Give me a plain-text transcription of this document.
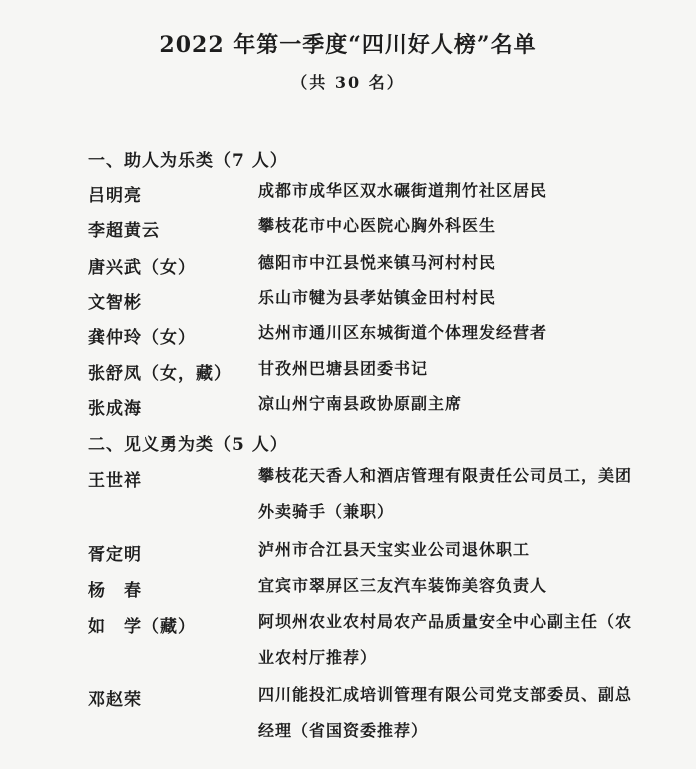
2022 年第一季度“四川好人榜”名单
（共 30 名）
一、助人为乐类（7 人）
吕明亮	成都市成华区双水碾街道荆竹社区居民
李超黄云	攀枝花市中心医院心胸外科医生
唐兴武（女）	德阳市中江县悦来镇马河村村民
文智彬	乐山市犍为县孝姑镇金田村村民
龚仲玲（女）	达州市通川区东城街道个体理发经营者
张舒凤（女，藏） 甘孜州巴塘县团委书记
张成海	凉山州宁南县政协原副主席
二、见义勇为类（5 人）
王世祥	攀枝花天香人和酒店管理有限责任公司员工，美团外卖骑手（兼职）
胥定明	泸州市合江县天宝实业公司退休职工
杨　春	宜宾市翠屏区三友汽车装饰美容负责人
如　学（藏）	阿坝州农业农村局农产品质量安全中心副主任（农业农村厅推荐）
邓赵荣	四川能投汇成培训管理有限公司党支部委员、副总经理（省国资委推荐）
